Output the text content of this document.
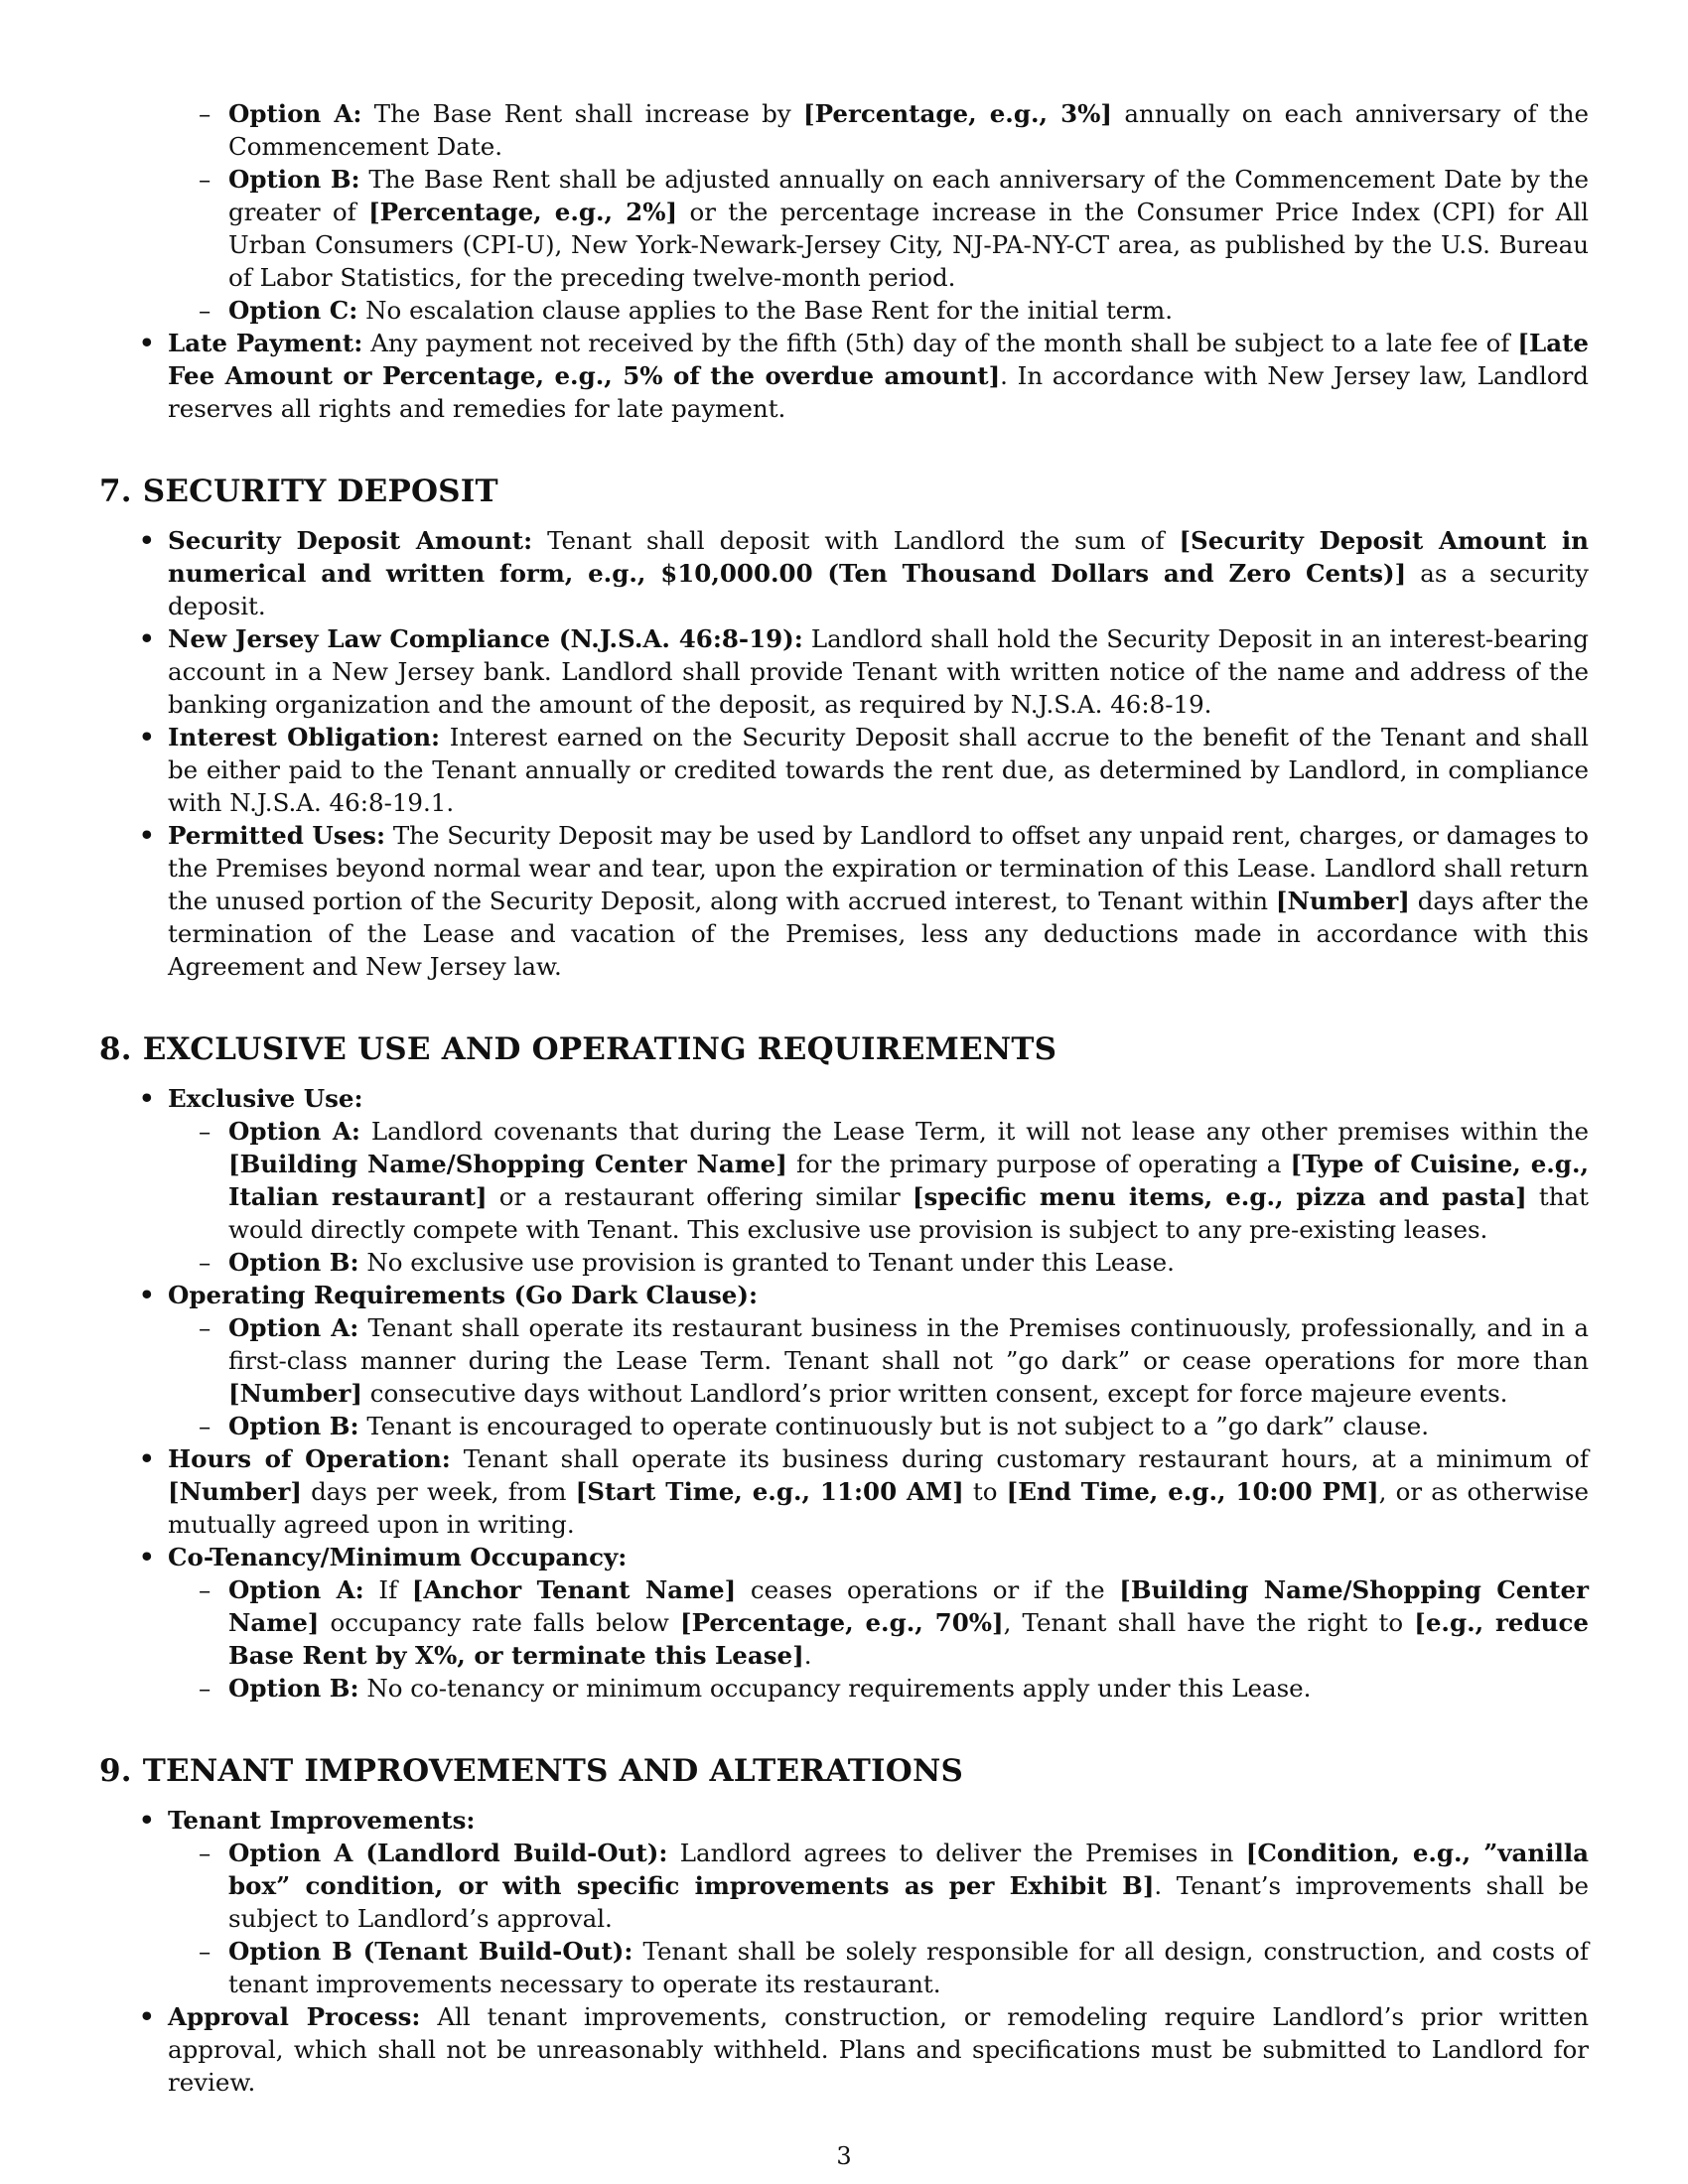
– Option A: The Base Rent shall increase by [Percentage, e.g., 3%] annually on each anniversary of the Commencement Date.
– Option B: The Base Rent shall be adjusted annually on each anniversary of the Commencement Date by the greater of [Percentage, e.g., 2%] or the percentage increase in the Consumer Price Index (CPI) for All Urban Consumers (CPI-U), New York-Newark-Jersey City, NJ-PA-NY-CT area, as published by the U.S. Bureau of Labor Statistics, for the preceding twelve-month period.
– Option C: No escalation clause applies to the Base Rent for the initial term.
• Late Payment: Any payment not received by the fifth (5th) day of the month shall be subject to a late fee of [Late Fee Amount or Percentage, e.g., 5% of the overdue amount]. In accordance with New Jersey law, Landlord reserves all rights and remedies for late payment.
7. SECURITY DEPOSIT
• Security Deposit Amount: Tenant shall deposit with Landlord the sum of [Security Deposit Amount in numerical and written form, e.g., $10,000.00 (Ten Thousand Dollars and Zero Cents)] as a security deposit.
• New Jersey Law Compliance (N.J.S.A. 46:8-19): Landlord shall hold the Security Deposit in an interest-bearing account in a New Jersey bank. Landlord shall provide Tenant with written notice of the name and address of the banking organization and the amount of the deposit, as required by N.J.S.A. 46:8-19.
• Interest Obligation: Interest earned on the Security Deposit shall accrue to the benefit of the Tenant and shall be either paid to the Tenant annually or credited towards the rent due, as determined by Landlord, in compliance with N.J.S.A. 46:8-19.1.
• Permitted Uses: The Security Deposit may be used by Landlord to offset any unpaid rent, charges, or damages to the Premises beyond normal wear and tear, upon the expiration or termination of this Lease. Landlord shall return the unused portion of the Security Deposit, along with accrued interest, to Tenant within [Number] days after the termination of the Lease and vacation of the Premises, less any deductions made in accordance with this Agreement and New Jersey law.
8. EXCLUSIVE USE AND OPERATING REQUIREMENTS
• Exclusive Use:
– Option A: Landlord covenants that during the Lease Term, it will not lease any other premises within the [Building Name/Shopping Center Name] for the primary purpose of operating a [Type of Cuisine, e.g., Italian restaurant] or a restaurant offering similar [specific menu items, e.g., pizza and pasta] that would directly compete with Tenant. This exclusive use provision is subject to any pre-existing leases.
– Option B: No exclusive use provision is granted to Tenant under this Lease.
• Operating Requirements (Go Dark Clause):
– Option A: Tenant shall operate its restaurant business in the Premises continuously, professionally, and in a first-class manner during the Lease Term. Tenant shall not ”go dark” or cease operations for more than [Number] consecutive days without Landlord’s prior written consent, except for force majeure events.
– Option B: Tenant is encouraged to operate continuously but is not subject to a ”go dark” clause.
• Hours of Operation: Tenant shall operate its business during customary restaurant hours, at a minimum of [Number] days per week, from [Start Time, e.g., 11:00 AM] to [End Time, e.g., 10:00 PM], or as otherwise mutually agreed upon in writing.
• Co-Tenancy/Minimum Occupancy:
– Option A: If [Anchor Tenant Name] ceases operations or if the [Building Name/Shopping Center Name] occupancy rate falls below [Percentage, e.g., 70%], Tenant shall have the right to [e.g., reduce Base Rent by X%, or terminate this Lease].
– Option B: No co-tenancy or minimum occupancy requirements apply under this Lease.
9. TENANT IMPROVEMENTS AND ALTERATIONS
• Tenant Improvements:
– Option A (Landlord Build-Out): Landlord agrees to deliver the Premises in [Condition, e.g., ”vanilla box” condition, or with specific improvements as per Exhibit B]. Tenant’s improvements shall be subject to Landlord’s approval.
– Option B (Tenant Build-Out): Tenant shall be solely responsible for all design, construction, and costs of tenant improvements necessary to operate its restaurant.
• Approval Process: All tenant improvements, construction, or remodeling require Landlord’s prior written approval, which shall not be unreasonably withheld. Plans and specifications must be submitted to Landlord for review.
3
